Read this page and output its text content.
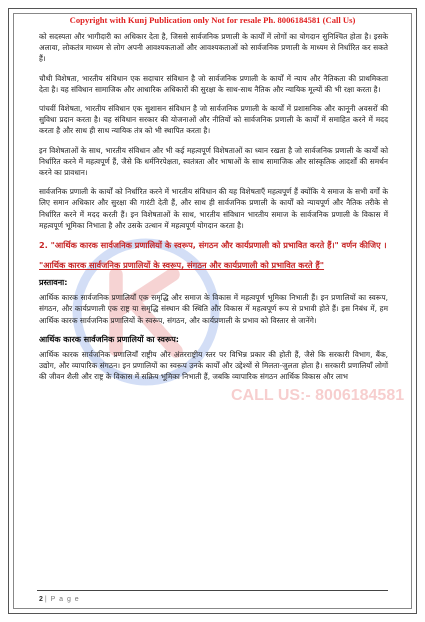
Copyright with Kunj Publication only Not for resale Ph. 8006184581 (Call Us)
CALL US:- 8006184581

को सदस्यता और भागीदारी का अधिकार देता है, जिससे सार्वजनिक प्रणाली के कार्यों में लोगों का योगदान सुनिश्चित होता है। इसके अलावा, लोकतंत्र माध्यम से लोग अपनी आवश्यकताओं और आवश्यकताओं को सार्वजनिक प्रणाली के माध्यम से निर्धारित कर सकते हैं।

चौथी विशेषता, भारतीय संविधान एक सदाचार संविधान है जो सार्वजनिक प्रणाली के कार्यों में न्याय और नैतिकता की प्राथमिकता देता है। यह संविधान सामाजिक और आधारिक अधिकारों की सुरक्षा के साथ-साथ नैतिक और न्यायिक मूल्यों की भी रक्षा करता है।

पांचवीं विशेषता, भारतीय संविधान एक सुशासन संविधान है जो सार्वजनिक प्रणाली के कार्यों में प्रशासनिक और कानूनी अवसरों की सुविधा प्रदान करता है। यह संविधान सरकार की योजनाओं और नीतियों को सार्वजनिक प्रणाली के कार्यों में समाहित करने में मदद करता है और साथ ही साथ न्यायिक तंत्र को भी स्थापित करता है।

इन विशेषताओं के साथ, भारतीय संविधान और भी कई महत्वपूर्ण विशेषताओं का ध्यान रखता है जो सार्वजनिक प्रणाली के कार्यों को निर्धारित करने में महत्वपूर्ण हैं, जैसे कि धर्मनिरपेक्षता, स्वतंत्रता और भाषाओं के साथ सामाजिक और सांस्कृतिक आदर्शों की समर्थन करने का प्रावधान।

सार्वजनिक प्रणाली के कार्यों को निर्धारित करने में भारतीय संविधान की यह विशेषताएँ महत्वपूर्ण हैं क्योंकि ये समाज के सभी वर्गों के लिए समान अधिकार और सुरक्षा की गारंटी देती हैं, और साथ ही सार्वजनिक प्रणाली के कार्यों को न्यायपूर्ण और नैतिक तरीके से निर्धारित करने में मदद करती हैं। इन विशेषताओं के साथ, भारतीय संविधान भारतीय समाज के सार्वजनिक प्रणाली के विकास में महत्वपूर्ण भूमिका निभाता है और उसके उत्थान में महत्वपूर्ण योगदान करता है।

2. "आर्थिक कारक सार्वजनिक प्रणालियों के स्वरूप, संगठन और कार्यप्रणाली को प्रभावित करते हैं।" वर्णन कीजिए ।
"आर्थिक कारक सार्वजनिक प्रणालियों के स्वरूप, संगठन और कार्यप्रणाली को प्रभावित करते हैं"
प्रस्तावना:

आर्थिक कारक सार्वजनिक प्रणालियाँ एक समृद्धि और समाज के विकास में महत्वपूर्ण भूमिका निभाती हैं। इन प्रणालियों का स्वरूप, संगठन, और कार्यप्रणाली एक राष्ट्र या समृद्धि संस्थान की स्थिति और विकास में महत्वपूर्ण रूप से प्रभावी होते हैं। इस निबंध में, हम आर्थिक कारक सार्वजनिक प्रणालियों के स्वरूप, संगठन, और कार्यप्रणाली के प्रभाव को विस्तार से जानेंगे।

आर्थिक कारक सार्वजनिक प्रणालियों का स्वरूप:

आर्थिक कारक सार्वजनिक प्रणालियाँ राष्ट्रीय और अंतरराष्ट्रीय स्तर पर विभिन्न प्रकार की होती हैं, जैसे कि सरकारी विभाग, बैंक, उद्योग, और व्यापारिक संगठन। इन प्रणालियों का स्वरूप उनके कार्यों और उद्देश्यों से मिलता-जुलता होता है। सरकारी प्रणालियाँ लोगों की जीवन शैली और राष्ट्र के विकास में सक्रिय भूमिका निभाती हैं, जबकि व्यापारिक संगठन आर्थिक विकास और लाभ

2 | P a g e
